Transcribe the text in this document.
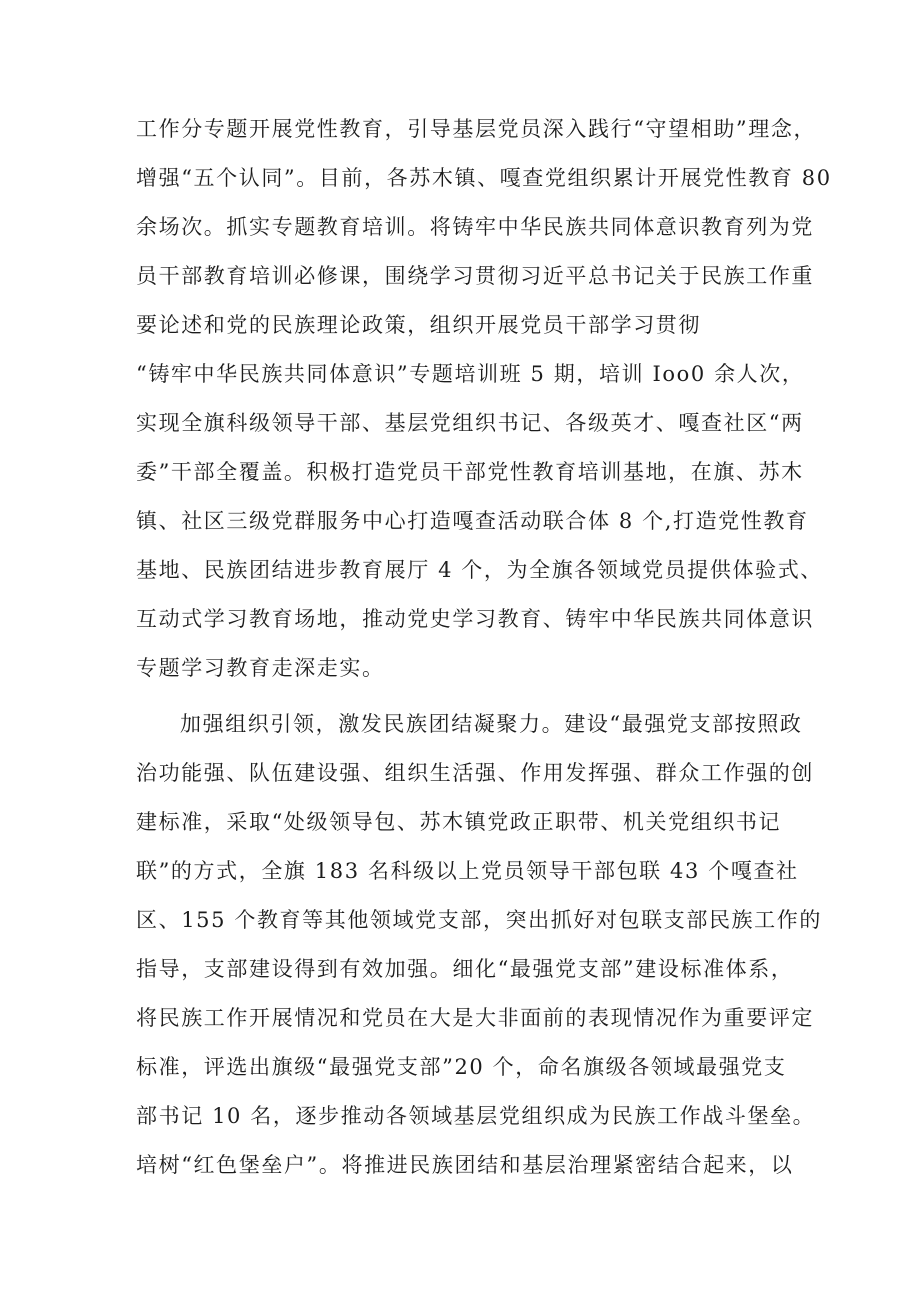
工作分专题开展党性教育，引导基层党员深入践行“守望相助”理念，
增强“五个认同”。目前，各苏木镇、嘎查党组织累计开展党性教育 80
余场次。抓实专题教育培训。将铸牢中华民族共同体意识教育列为党
员干部教育培训必修课，围绕学习贯彻习近平总书记关于民族工作重
要论述和党的民族理论政策，组织开展党员干部学习贯彻
“铸牢中华民族共同体意识”专题培训班 5 期，培训 Ioo0 余人次，
实现全旗科级领导干部、基层党组织书记、各级英才、嘎查社区“两
委”干部全覆盖。积极打造党员干部党性教育培训基地，在旗、苏木
镇、社区三级党群服务中心打造嘎查活动联合体 8 个,打造党性教育
基地、民族团结进步教育展厅 4 个，为全旗各领域党员提供体验式、
互动式学习教育场地，推动党史学习教育、铸牢中华民族共同体意识
专题学习教育走深走实。
加强组织引领，激发民族团结凝聚力。建设“最强党支部按照政
治功能强、队伍建设强、组织生活强、作用发挥强、群众工作强的创
建标准，采取“处级领导包、苏木镇党政正职带、机关党组织书记
联”的方式，全旗 183 名科级以上党员领导干部包联 43 个嘎查社
区、155 个教育等其他领域党支部，突出抓好对包联支部民族工作的
指导，支部建设得到有效加强。细化“最强党支部”建设标准体系，
将民族工作开展情况和党员在大是大非面前的表现情况作为重要评定
标准，评选出旗级“最强党支部”20 个，命名旗级各领域最强党支
部书记 10 名，逐步推动各领域基层党组织成为民族工作战斗堡垒。
培树“红色堡垒户”。将推进民族团结和基层治理紧密结合起来，以
